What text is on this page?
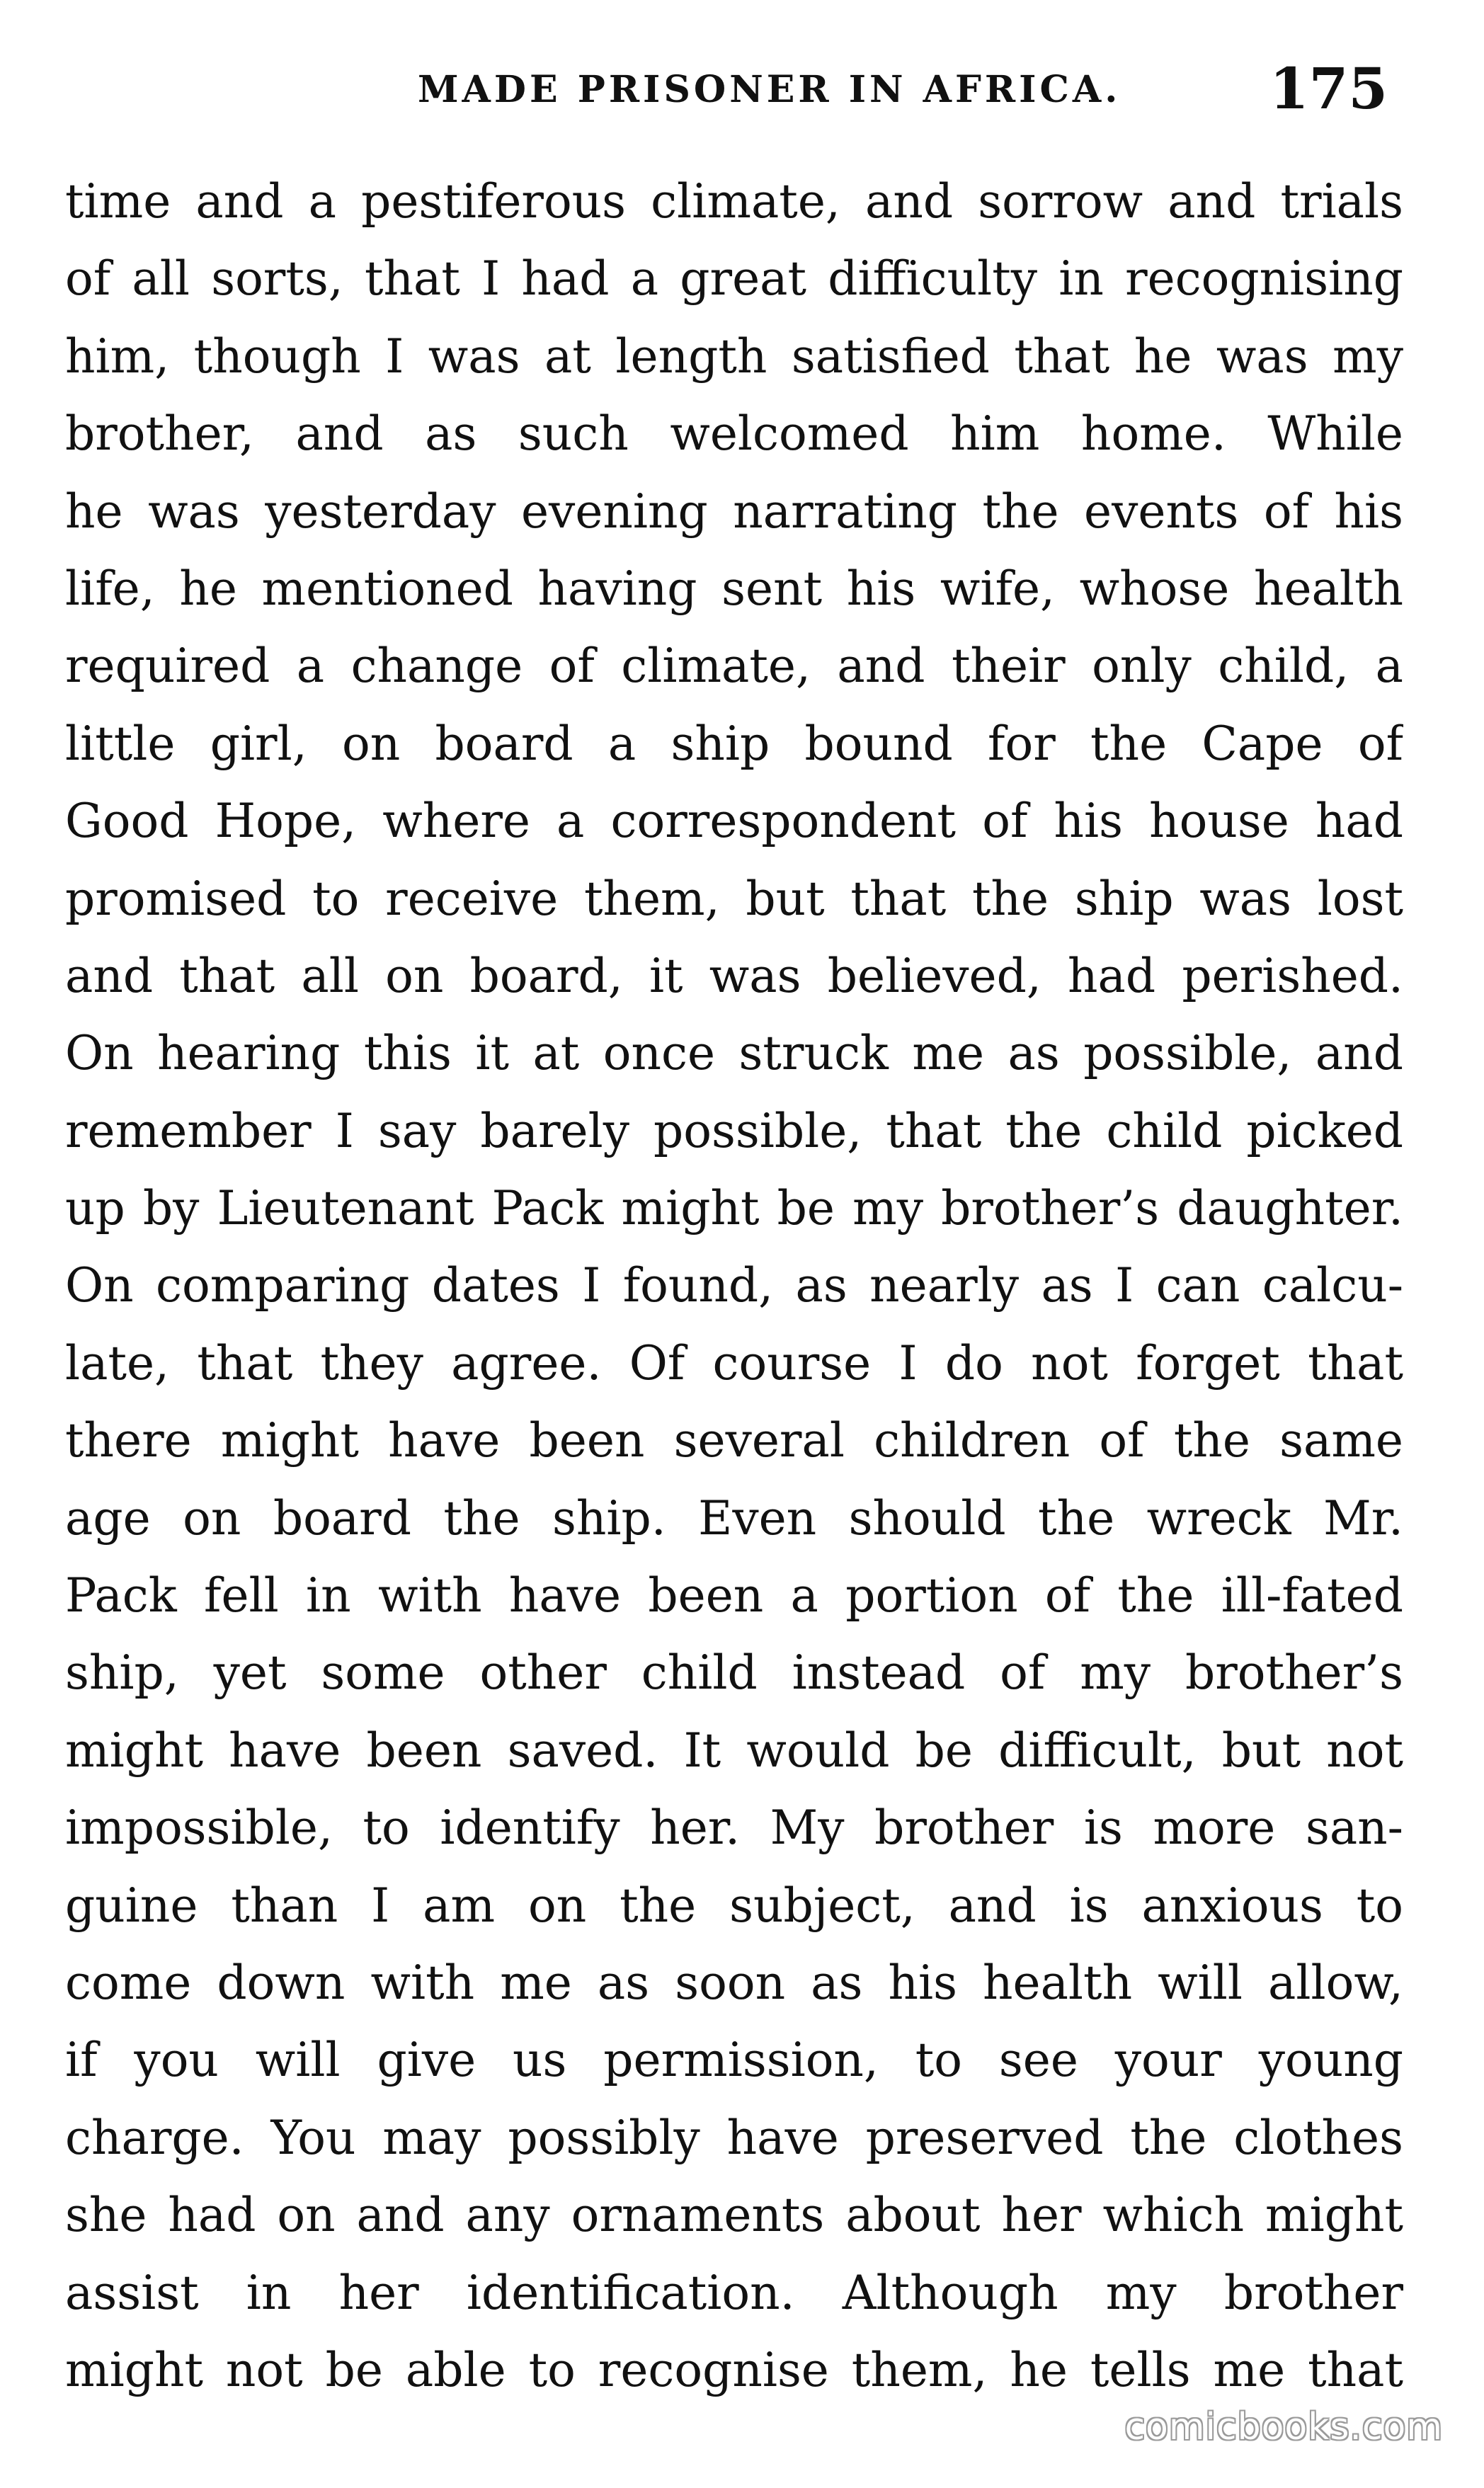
MADE PRISONER IN AFRICA.	175
time and a pestiferous climate, and sorrow and trials
of all sorts, that I had a great difficulty in recognising
him, though I was at length satisfied that he was my
brother, and as such welcomed him home. While
he was yesterday evening narrating the events of his
life, he mentioned having sent his wife, whose health
required a change of climate, and their only child, a
little girl, on board a ship bound for the Cape of
Good Hope, where a correspondent of his house had
promised to receive them, but that the ship was lost
and that all on board, it was believed, had perished.
On hearing this it at once struck me as possible, and
remember I say barely possible, that the child picked
up by Lieutenant Pack might be my brother’s daughter.
On comparing dates I found, as nearly as I can calcu-
late, that they agree. Of course I do not forget that
there might have been several children of the same
age on board the ship. Even should the wreck Mr.
Pack fell in with have been a portion of the ill-fated
ship, yet some other child instead of my brother’s
might have been saved. It would be difficult, but not
impossible, to identify her. My brother is more san-
guine than I am on the subject, and is anxious to
come down with me as soon as his health will allow,
if you will give us permission, to see your young
charge. You may possibly have preserved the clothes
she had on and any ornaments about her which might
assist in her identification. Although my brother
might not be able to recognise them, he tells me that
comicbooks.com
